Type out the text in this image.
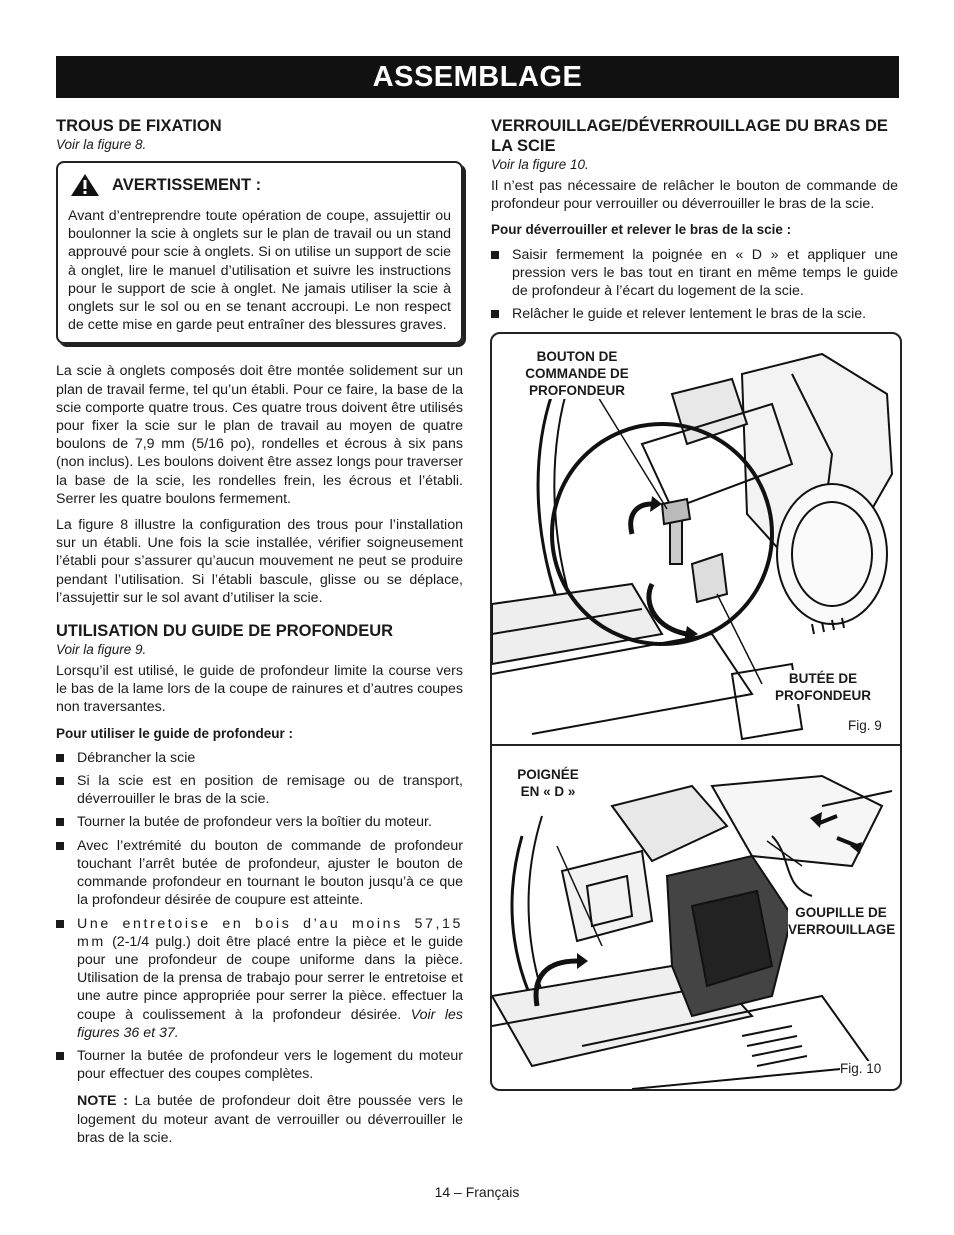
ASSEMBLAGE
TROUS DE FIXATION
Voir la figure 8.
AVERTISSEMENT :

Avant d’entreprendre toute opération de coupe, assujettir ou boulonner la scie à onglets sur le plan de travail ou un stand approuvé pour scie à onglets. Si on utilise un support de scie à onglet, lire le manuel d’utilisation et suivre les instructions pour le support de scie à onglet. Ne jamais utiliser la scie à onglets sur le sol ou en se tenant accroupi. Le non respect de cette mise en garde peut entraîner des blessures graves.

La scie à onglets composés doit être montée solidement sur un plan de travail ferme, tel qu’un établi. Pour ce faire, la base de la scie comporte quatre trous. Ces quatre trous doivent être utilisés pour fixer la scie sur le plan de travail au moyen de quatre boulons de 7,9 mm (5/16 po), rondelles et écrous à six pans (non inclus). Les boulons doivent être assez longs pour traverser la base de la scie, les rondelles frein, les écrous et l’établi. Serrer les quatre boulons fermement.

La figure 8 illustre la configuration des trous pour l’installation sur un établi. Une fois la scie installée, vérifier soigneusement l’établi pour s’assurer qu’aucun mouvement ne peut se produire pendant l’utilisation. Si l’établi bascule, glisse ou se déplace, l’assujettir sur le sol avant d’utiliser la scie.

UTILISATION DU GUIDE DE PROFONDEUR
Voir la figure 9.

Lorsqu’il est utilisé, le guide de profondeur limite la course vers le bas de la lame lors de la coupe de rainures et d’autres coupes non traversantes.

Pour utiliser le guide de profondeur :
Débrancher la scie
Si la scie est en position de remisage ou de transport, déverrouiller le bras de la scie.
Tourner la butée de profondeur vers la boîtier du moteur.
Avec l’extrémité du bouton de commande de profondeur touchant l’arrêt butée de profondeur, ajuster le bouton de commande profondeur en tournant le bouton jusqu’à ce que la profondeur désirée de coupure est atteinte.
Une entretoise en bois d’au moins 57,15 mm (2-1/4 pulg.) doit être placé entre la pièce et le guide pour une profondeur de coupe uniforme dans la pièce. Utilisation de la prensa de trabajo pour serrer le entretoise et une autre pince appropriée pour serrer la pièce. effectuer la coupe à coulissement à la profondeur désirée. Voir les figures 36 et 37.
Tourner la butée de profondeur vers le logement du moteur pour effectuer des coupes complètes.
NOTE : La butée de profondeur doit être poussée vers le logement du moteur avant de verrouiller ou déverrouiller le bras de la scie.
VERROUILLAGE/DÉVERROUILLAGE DU BRAS DE LA SCIE
Voir la figure 10.

Il n’est pas nécessaire de relâcher le bouton de commande de profondeur pour verrouiller ou déverrouiller le bras de la scie.

Pour déverrouiller et relever le bras de la scie :
Saisir fermement la poignée en « D » et appliquer une pression vers le bas tout en tirant en même temps le guide de profondeur à l’écart du logement de la scie.
Relâcher le guide et relever lentement le bras de la scie.
BOUTON DE COMMANDE DE PROFONDEUR
BUTÉE DE PROFONDEUR
Fig. 9
POIGNÉE EN « D »
GOUPILLE DE VERROUILLAGE
Fig. 10
14 – Français
